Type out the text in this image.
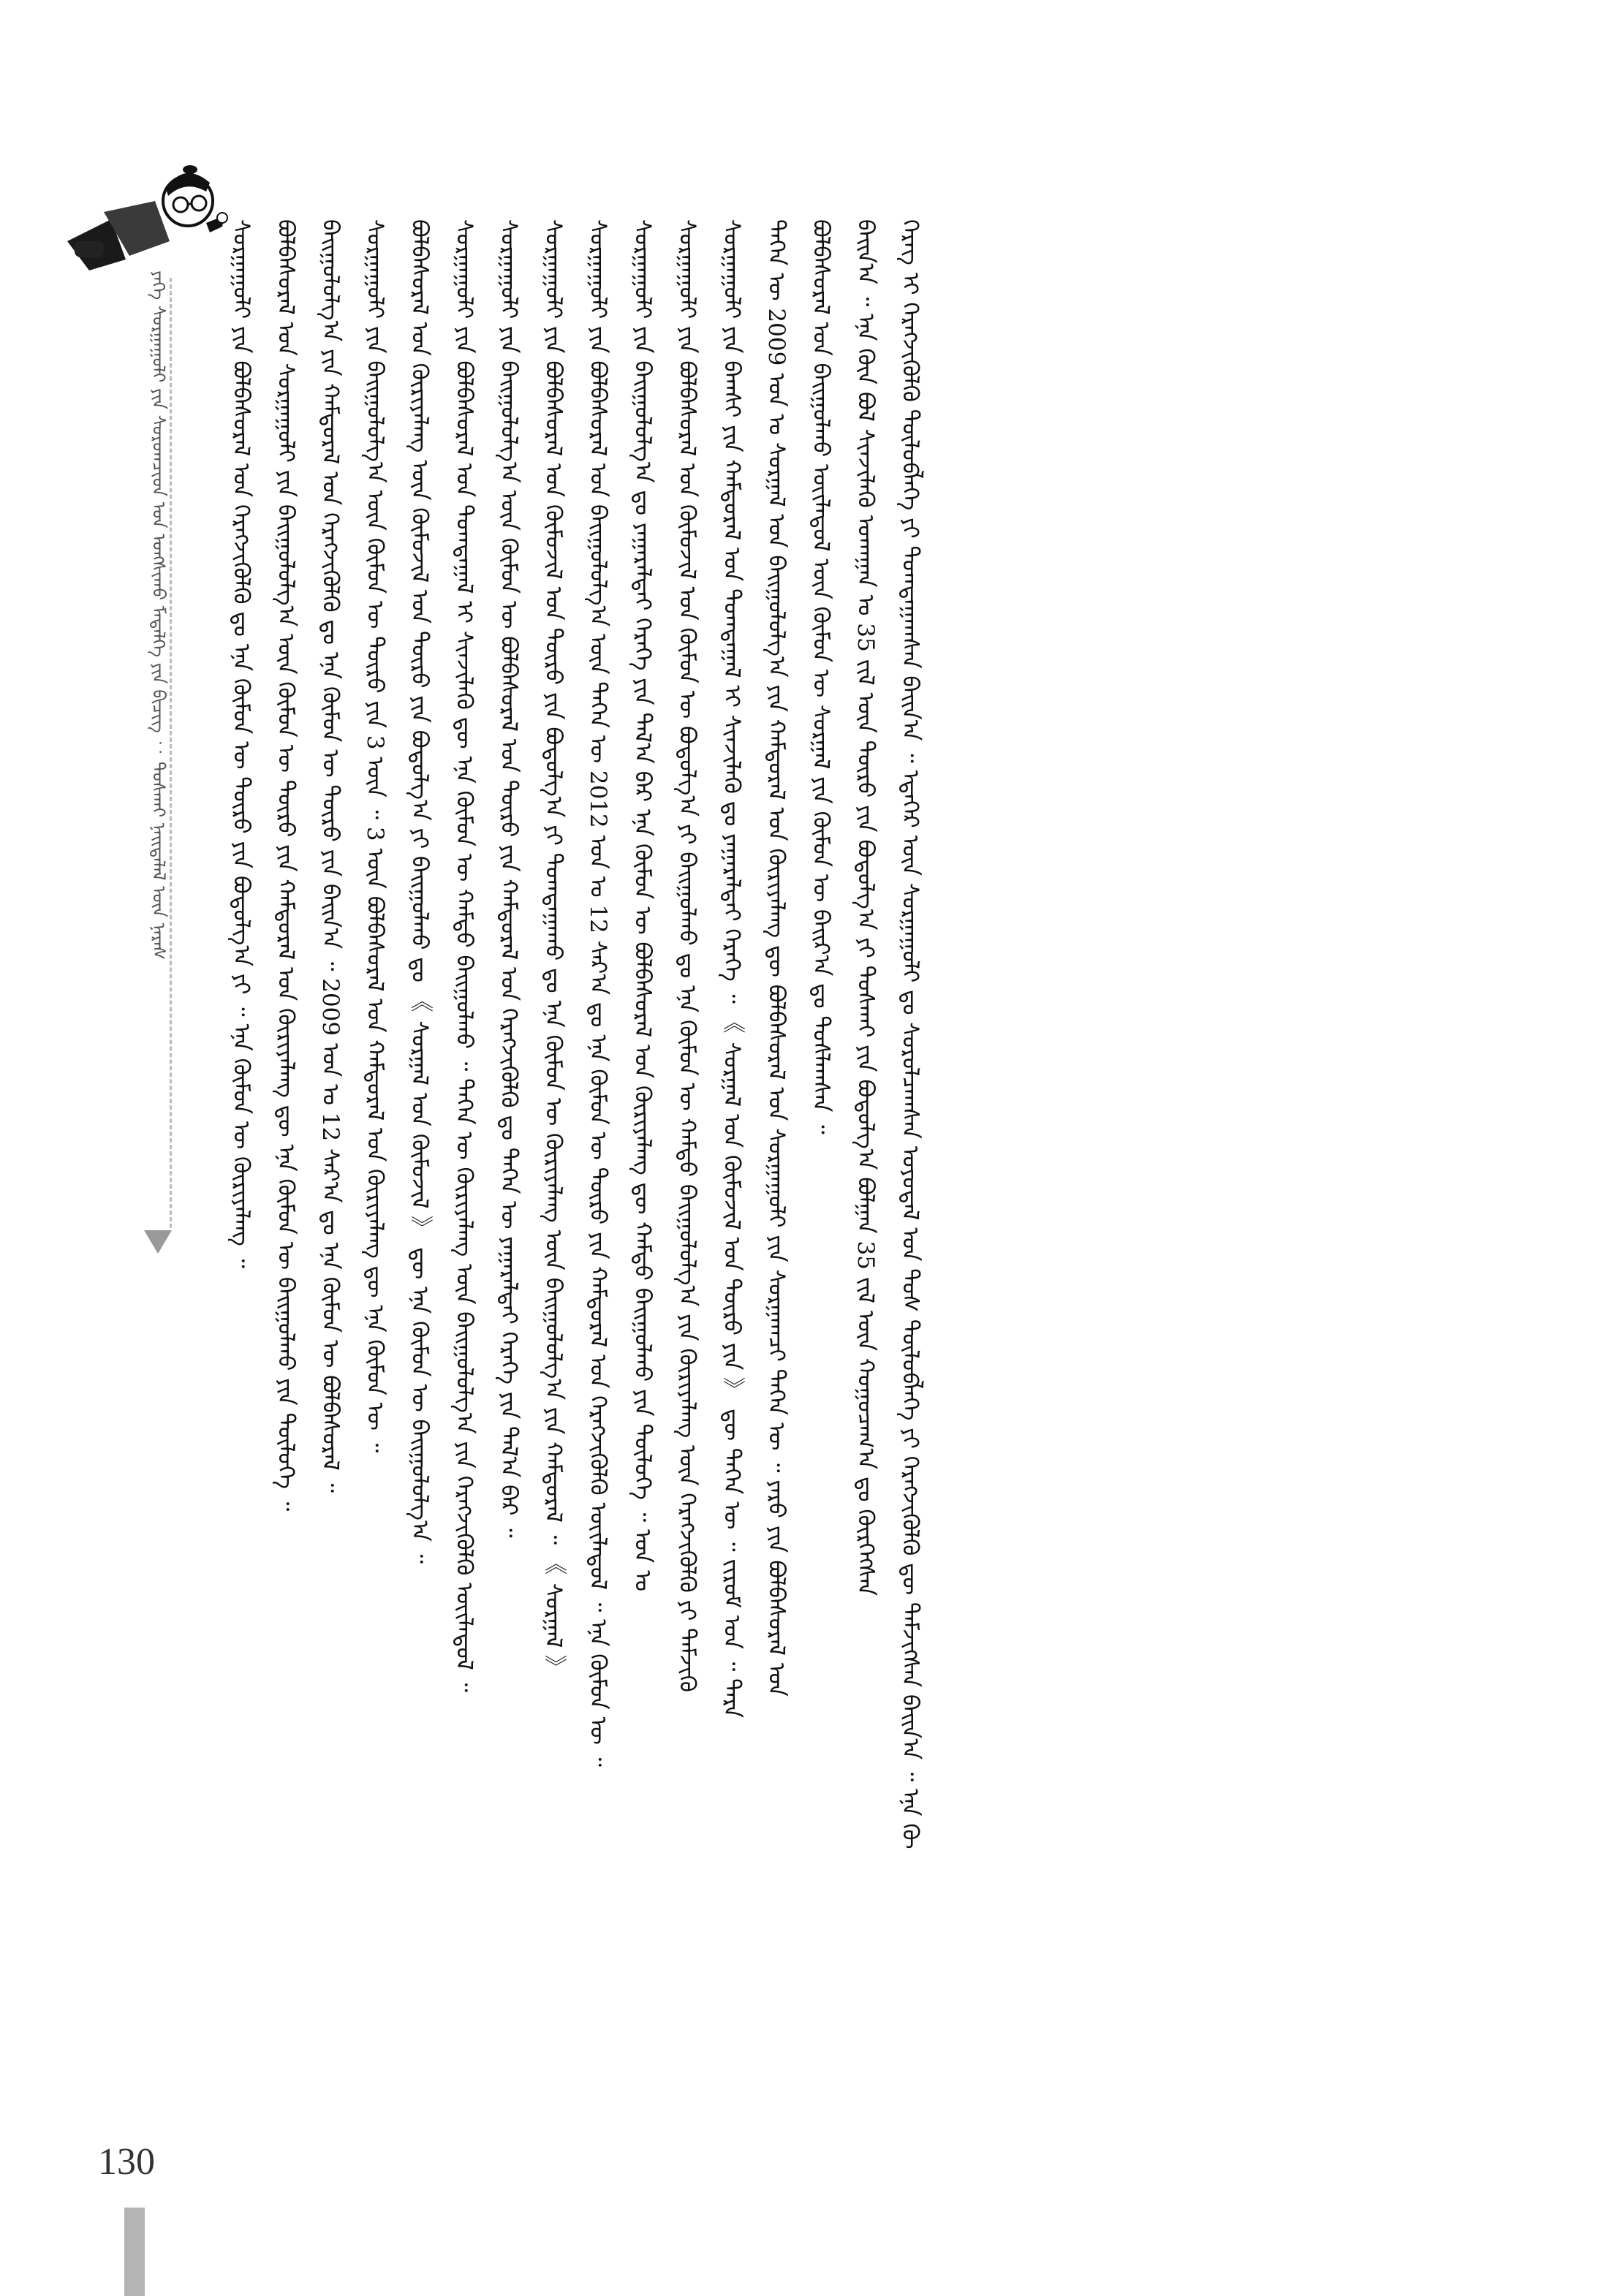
ᠶᠡᠬᠡ ᠰᠤᠷᠭᠠᠭᠤᠯᠢ ᠶᠢᠨ ᠰᠤᠷᠤᠭᠴᠢᠳ ᠤᠨ ᠤᠩᠰᠢᠬᠤ ᠮᠡᠳᠡᠯᠭᠡ ᠶᠢᠨ ᠪᠢᠴᠢᠭ ︰ ᠲᠤᠰᠬᠠᠢ ᠨᠡᠢᠲᠡᠯᠡᠯ ᠦᠨ ᠨᠡᠷᠡᠰ	ᠰᠤᠷᠭᠠᠭᠤᠯᠢ ᠶᠢᠨ ᠪᠣᠯᠪᠠᠰᠤᠷᠠᠯ ᠤᠨ ᠬᠡᠷᠡᠭᠵᠢᠭᠦᠯᠬᠦ ᠳᠤ ᠡᠨᠡ ᠬᠦᠮᠦᠨ ᠦ ᠲᠦᠷᠦ ᠶᠢᠨ ᠪᠣᠳᠤᠯᠭ᠎ᠠ ᠶᠢ ᠃ ᠡᠨᠡ ᠬᠦᠮᠦᠨ ᠦ ᠬᠦᠷᠢᠶᠡᠯᠡᠩ ᠃ ᠪᠣᠯᠪᠠᠰᠤᠷᠠᠯ ᠤᠨ ᠰᠤᠷᠭᠠᠭᠤᠯᠢ ᠶᠢᠨ ᠪᠠᠢᠭᠤᠯᠤᠯᠭ᠎ᠠ ᠦᠨ ᠬᠦᠮᠦᠨ ᠦ ᠲᠦᠷᠦ ᠶᠢᠨ ᠬᠠᠮᠲᠤᠷᠠᠯ ᠤᠨ ᠬᠦᠷᠢᠶᠡᠯᠡᠩ ᠳᠦ ᠡᠨᠡ ᠬᠦᠮᠦᠨ ᠦ ᠪᠠᠢᠭᠤᠯᠬᠤ ᠶᠢᠨ ᠲᠥᠯᠦᠭᠡ ᠃ ᠪᠠᠢᠭᠤᠯᠤᠯᠭ᠎ᠠ ᠶᠢᠨ ᠬᠠᠮᠲᠤᠷᠠᠯ ᠤᠨ ᠬᠡᠷᠡᠭᠵᠢᠭᠦᠯᠬᠦ ᠳᠤ ᠡᠨᠡ ᠬᠦᠮᠦᠨ ᠦ ᠲᠦᠷᠦ ᠶᠢᠨ ᠪᠠᠢᠨ᠎ᠠ ᠃ 2009 ᠣᠨ ᠤ 12 ᠰᠠᠷ᠎ᠠ ᠳᠤ ᠡᠨᠡ ᠬᠦᠮᠦᠨ ᠦ ᠪᠣᠯᠪᠠᠰᠤᠷᠠᠯ ᠃ ᠰᠤᠷᠭᠠᠭᠤᠯᠢ ᠶᠢᠨ ᠪᠠᠢᠭᠤᠯᠤᠯᠭ᠎ᠠ ᠦᠨ ᠬᠦᠮᠦᠨ ᠦ ᠲᠦᠷᠦ ᠶᠢᠨ 3 ᠦᠨ ᠃ 3 ᠦᠨ ᠪᠣᠯᠪᠠᠰᠤᠷᠠᠯ ᠤᠨ ᠬᠠᠮᠲᠤᠷᠠᠯ ᠤᠨ ᠬᠦᠷᠢᠶᠡᠯᠡᠩ ᠳᠦ ᠡᠨᠡ ᠬᠦᠮᠦᠨ ᠦ ᠃ ᠪᠣᠯᠪᠠᠰᠤᠷᠠᠯ ᠤᠨ ᠬᠦᠷᠢᠶᠡᠯᠡᠩ ᠦᠨ ᠬᠦᠮᠦᠵᠢᠯ ᠤᠨ ᠲᠦᠷᠦ ᠶᠢᠨ ᠪᠣᠳᠤᠯᠭ᠎ᠠ ᠶᠢ ᠪᠠᠢᠭᠤᠯᠬᠤ ᠳᠤ 《 ᠰᠤᠷᠭᠠᠯ ᠤᠨ ᠬᠦᠮᠦᠵᠢᠯ 》 ᠳᠦ ᠡᠨᠡ ᠬᠦᠮᠦᠨ ᠦ ᠪᠠᠢᠭᠤᠯᠤᠯᠭ᠎ᠠ ᠃ ᠰᠤᠷᠭᠠᠭᠤᠯᠢ ᠶᠢᠨ ᠪᠣᠯᠪᠠᠰᠤᠷᠠᠯ ᠤᠨ ᠲᠣᠭᠲᠠᠭᠠᠯ ᠢ ᠰᠢᠨᠵᠢᠯᠡᠬᠦ ᠳᠦ ᠡᠨᠡ ᠬᠦᠮᠦᠨ ᠦ ᠬᠠᠮᠲᠤ ᠪᠠᠢᠭᠤᠯᠬᠤ ᠃ ᠲᠡᠭᠡᠨ ᠦ ᠬᠦᠷᠢᠶᠡᠯᠡᠩ ᠦᠨ ᠪᠠᠢᠭᠤᠯᠤᠯᠭ᠎ᠠ ᠶᠢᠨ ᠬᠡᠷᠡᠭᠵᠢᠭᠦᠯᠬᠦ ᠦᠢᠯᠡᠳᠦᠯ ᠃ ᠰᠤᠷᠭᠠᠭᠤᠯᠢ ᠶᠢᠨ ᠪᠠᠢᠭᠤᠯᠤᠯᠭ᠎ᠠ ᠦᠨ ᠬᠦᠮᠦᠨ ᠦ ᠪᠣᠯᠪᠠᠰᠤᠷᠠᠯ ᠤᠨ ᠲᠦᠷᠦ ᠶᠢᠨ ᠬᠠᠮᠲᠤᠷᠠᠯ ᠤᠨ ᠬᠡᠷᠡᠭᠵᠢᠭᠦᠯᠬᠦ ᠳᠤ ᠲᠡᠭᠡᠨ ᠦ ᠶᠠᠭᠠᠷᠠᠯᠲᠠᠢ ᠬᠡᠷᠡᠭᠡ ᠶᠢᠨ ᠲᠠᠯ᠎ᠠ ᠪᠠᠷ ᠃ ᠰᠤᠷᠭᠠᠭᠤᠯᠢ ᠶᠢᠨ ᠪᠣᠯᠪᠠᠰᠤᠷᠠᠯ ᠤᠨ ᠬᠦᠮᠦᠵᠢᠯ ᠤᠨ ᠲᠦᠷᠦ ᠶᠢᠨ ᠪᠣᠳᠤᠯᠭ᠎ᠠ ᠶᠢ ᠲᠣᠭᠲᠠᠭᠠᠬᠤ ᠳᠤ ᠡᠨᠡ ᠬᠦᠮᠦᠨ ᠦ ᠬᠦᠷᠢᠶᠡᠯᠡᠩ ᠦᠨ ᠪᠠᠢᠭᠤᠯᠤᠯᠭ᠎ᠠ ᠶᠢᠨ ᠬᠠᠮᠲᠤᠷᠠᠯ ᠃ 《 ᠰᠤᠷᠭᠠᠯ 》 ᠰᠤᠷᠭᠠᠭᠤᠯᠢ ᠶᠢᠨ ᠪᠣᠯᠪᠠᠰᠤᠷᠠᠯ ᠤᠨ ᠪᠠᠢᠭᠤᠯᠤᠯᠭ᠎ᠠ ᠦᠨ ᠲᠡᠭᠡᠨ ᠦ 2012 ᠣᠨ ᠤ 12 ᠰᠠᠷ᠎ᠠ ᠳᠤ ᠡᠨᠡ ᠬᠦᠮᠦᠨ ᠦ ᠲᠦᠷᠦ ᠶᠢᠨ ᠬᠠᠮᠲᠤᠷᠠᠯ ᠤᠨ ᠬᠡᠷᠡᠭᠵᠢᠭᠦᠯᠬᠦ ᠦᠢᠯᠡᠳᠦᠯ ᠃ ᠡᠨᠡ ᠬᠦᠮᠦᠨ ᠦ ᠃ ᠰᠤᠷᠭᠠᠭᠤᠯᠢ ᠶᠢᠨ ᠪᠠᠢᠭᠤᠯᠤᠯᠭ᠎ᠠ ᠳᠤ ᠶᠠᠭᠠᠷᠠᠯᠲᠠᠢ ᠬᠡᠷᠡᠭᠡ ᠶᠢᠨ ᠲᠠᠯ᠎ᠠ ᠪᠠᠷ ᠡᠨᠡ ᠬᠦᠮᠦᠨ ᠦ ᠪᠣᠯᠪᠠᠰᠤᠷᠠᠯ ᠤᠨ ᠬᠦᠷᠢᠶᠡᠯᠡᠩ ᠳᠦ ᠬᠠᠮᠲᠤ ᠪᠠᠢᠭᠤᠯᠬᠤ ᠶᠢᠨ ᠲᠥᠯᠦᠭᠡ ᠃ ᠣᠨ ᠤ ᠰᠤᠷᠭᠠᠭᠤᠯᠢ ᠶᠢᠨ ᠪᠣᠯᠪᠠᠰᠤᠷᠠᠯ ᠤᠨ ᠬᠦᠮᠦᠵᠢᠯ ᠤᠨ ᠬᠦᠮᠦᠨ ᠦ ᠪᠣᠳᠤᠯᠭ᠎ᠠ ᠶᠢ ᠪᠠᠢᠭᠤᠯᠬᠤ ᠳᠤ ᠡᠨᠡ ᠬᠦᠮᠦᠨ ᠦ ᠬᠠᠮᠲᠤ ᠪᠠᠢᠭᠤᠯᠤᠯᠭ᠎ᠠ ᠶᠢᠨ ᠬᠦᠷᠢᠶᠡᠯᠡᠩ ᠦᠨ ᠬᠡᠷᠡᠭᠵᠢᠭᠦᠯᠬᠦ ᠶᠢ ᠳᠡᠮᠵᠢᠬᠦ ᠰᠤᠷᠭᠠᠭᠤᠯᠢ ᠶᠢᠨ ᠪᠠᠭᠰᠢ ᠶᠢᠨ ᠬᠠᠮᠲᠤᠷᠠᠯ ᠤᠨ ᠲᠣᠭᠲᠠᠭᠠᠯ ᠢ ᠰᠢᠨᠵᠢᠯᠡᠬᠦ ᠳᠤ ᠶᠠᠭᠠᠷᠠᠯᠲᠠᠢ ᠬᠡᠷᠡᠭᠡ ᠃ 《 ᠰᠤᠷᠭᠠᠯ ᠤᠨ ᠬᠦᠮᠦᠵᠢᠯ ᠤᠨ ᠲᠦᠷᠦ ᠶᠢᠨ 》 ᠳᠦ ᠲᠡᠭᠡᠨ ᠦ ᠃ ᠵᠢᠷᠤᠮ ᠤᠨ ᠃ ᠲᠡᠷᠡ ᠲᠡᠭᠡᠨ ᠦ 2009 ᠣᠨ ᠤ ᠰᠤᠷᠭᠠᠯ ᠤᠨ ᠪᠠᠢᠭᠤᠯᠤᠯᠭ᠎ᠠ ᠶᠢᠨ ᠬᠠᠮᠲᠤᠷᠠᠯ ᠤᠨ ᠬᠦᠷᠢᠶᠡᠯᠡᠩ ᠳᠦ ᠪᠣᠯᠪᠠᠰᠤᠷᠠᠯ ᠤᠨ ᠰᠤᠷᠭᠠᠭᠤᠯᠢ ᠶᠢᠨ ᠰᠤᠷᠭᠠᠭᠴᠢ ᠲᠡᠭᠡᠨ ᠦ ᠃ ᠶᠡᠷᠦ ᠶᠢᠨ ᠪᠣᠯᠪᠠᠰᠤᠷᠠᠯ ᠤᠨ ᠪᠣᠯᠪᠠᠰᠤᠷᠠᠯ ᠤᠨ ᠪᠠᠢᠭᠤᠯᠬᠤ ᠦᠢᠯᠡᠳᠦᠯ ᠦᠨ ᠬᠦᠮᠦᠨ ᠦ ᠰᠤᠷᠭᠠᠯ ᠶᠢᠨ ᠬᠦᠮᠦᠨ ᠦ ᠪᠠᠢᠷ᠎ᠠ ᠳᠤ ᠲᠤᠰᠯᠠᠭᠰᠠᠨ ᠃ ᠪᠠᠢᠨ᠎ᠠ ᠃ ᠡᠨᠡ ᠬᠦᠨ ᠪᠣᠯ ᠰᠢᠨᠵᠢᠯᠡᠬᠦ ᠤᠬᠠᠭᠠᠨ ᠤ 35 ᠵᠢᠯ ᠦᠨ ᠲᠦᠷᠦ ᠶᠢᠨ ᠪᠤᠳᠤᠯᠭ᠎ᠠ ᠶᠢ ᠲᠤᠰᠬᠠᠢ ᠶᠢᠨ ᠪᠣᠳᠤᠯᠭ᠎ᠠ ᠪᠣᠯᠭᠠᠨ 35 ᠵᠢᠯ ᠦᠨ ᠬᠤᠭᠤᠴᠠᠭ᠎ᠠ ᠳᠤ ᠬᠦᠷᠭᠡᠭᠰᠡᠨ ᠬᠡᠷᠡᠭ ᠢ ᠬᠡᠷᠡᠭᠵᠢᠭᠦᠯᠬᠦ ᠲᠦᠯᠦᠪᠯᠡᠭᠡ ᠶᠢ ᠲᠣᠭᠲᠠᠭᠠᠭᠰᠠᠨ ᠪᠠᠢᠨ᠎ᠠ ᠃ ᠡᠳᠡᠭᠡᠷ ᠦᠨ ᠰᠤᠷᠭᠠᠭᠤᠯᠢ ᠳᠤ ᠰᠤᠷᠤᠯᠴᠠᠭᠰᠠᠨ ᠤᠶᠤᠳᠠᠯ ᠤᠨ ᠲᠤᠰ ᠲᠦᠯᠦᠪᠯᠡᠭᠡ ᠶᠢ ᠬᠡᠷᠡᠭᠵᠢᠭᠦᠯᠬᠦ ᠳᠦ ᠳᠡᠮᠵᠢᠭᠰᠡᠨ ᠪᠠᠢᠨ᠎ᠠ ᠃ ᠡᠨᠡ ᠬᠦ
130
